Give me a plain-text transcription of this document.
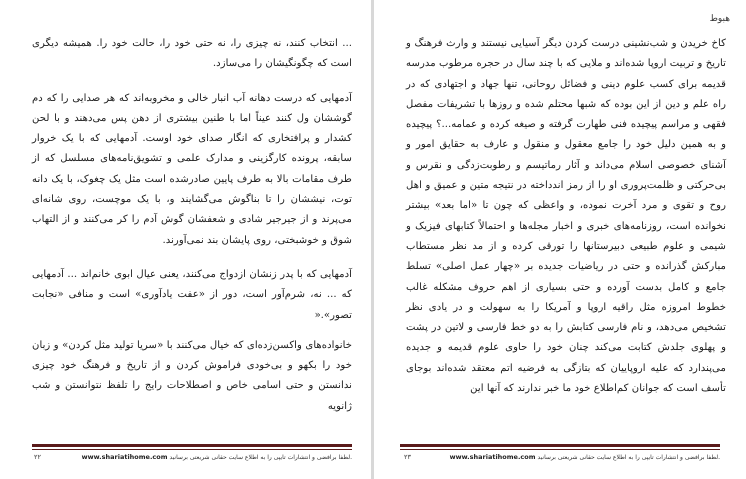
... انتخاب کنند، نه چیزی را، نه حتی خود را، حالت خود را. همیشه دیگری است که چگونگیشان را می‌سازد.

آدمهایی که درست دهانه آب انبار خالی و مخروبه‌اند که هر صدایی را که دم گوششان ول کنند عیناً اما با طنین بیشتری از دهن پس می‌دهند و با لحن کشدار و پرافتخاری که انگار صدای خود اوست. آدمهایی که با یک خروار سابقه، پرونده کارگزینی و مدارک علمی و تشویق‌نامه‌های مسلسل که از طرف مقامات بالا به طرف پایین صادرشده است مثل یک چغوک، با یک دانه توت، نیششان را تا بناگوش می‌گشایند و، با یک موچست، روی شانه‌ای می‌پرند و از جیرجیر شادی و شعفشان گوش آدم را کر می‌کنند و از التهاب شوق و خوشبختی، روی پایشان بند نمی‌آورند.

آدمهایی که با پدر زنشان ازدواج می‌کنند، یعنی عیال ابوی خانم‌اند ... آدمهایی که ... نه، شرم‌آور است، دور از «عفت یادآوری» است و منافی «نجابت تصور».«

خانواده‌های واکسن‌زده‌ای که خیال می‌کنند با «سریا تولید مثل کردن» و زبان خود را بکهو و بی‌خودی فراموش کردن و از تاریخ و فرهنگ خود چیزی ندانستن و حتی اسامی خاص و اصطلاحات رایج را تلفظ نتوانستن و شب ژانویه

۲۲	www.shariatihome.com لطفا برافضی و انتشارات تایپی را به اطلاع سایت حقانی شریعتی برسانید.
هبوط

کاخ خریدن و شب‌نشینی درست کردن دیگر آسیایی نیستند و وارث فرهنگ و تاریخ و تربیت اروپا شده‌اند و ملایی که با چند سال در حجره مرطوب مدرسه قدیمه برای کسب علوم دینی و فضائل روحانی، تنها جهاد و اجتهادی که در راه علم و دین از این بوده که شبها محتلم شده و روزها با تشریفات مفصل فقهی و مراسم پیچیده فنی طهارت گرفته و صیغه کرده و عمامه...؟ پیچیده و به همین دلیل خود را جامع معقول و منقول و عارف به حقایق امور و آشنای خصوصی اسلام می‌داند و آثار رماتیسم و رطوبت‌زدگی و نقرس و بی‌حرکتی و ظلمت‌پروری او را از رمز اندداخته در نتیجه متین و عمیق و اهل روح و تقوی و مرد آخرت نموده، و واعظی که چون تا «اما بعد» بیشتر نخوانده است، روزنامه‌های خبری و اخبار مجله‌ها و احتمالاً کتابهای فیزیک و شیمی و علوم طبیعی دبیرستانها را تورقی کرده و از مد نظر مستطاب مبارکش گذرانده و حتی در ریاضیات جدیده بر «چهار عمل اصلی» تسلط جامع و کامل بدست آورده و حتی بسیاری از اهم حروف مشکله غالب خطوط امروزه مثل راقیه اروپا و آمریکا را به سهولت و در یادی نظر تشخیص می‌دهد، و نام فارسی کتابش را به دو خط فارسی و لاتین در پشت و پهلوی جلدش کتابت می‌کند چنان خود را حاوی علوم قدیمه و جدیده می‌پندارد که علیه اروپاییان که بتازگی به فرضیه اتم معتقد شده‌اند بوجای تأسف است که جوانان کم‌اطلاع خود ما خبر ندارند که آنها این

۲۳	www.shariatihome.com لطفا برافضی و انتشارات تایپی را به اطلاع سایت حقانی شریعتی برسانید.
